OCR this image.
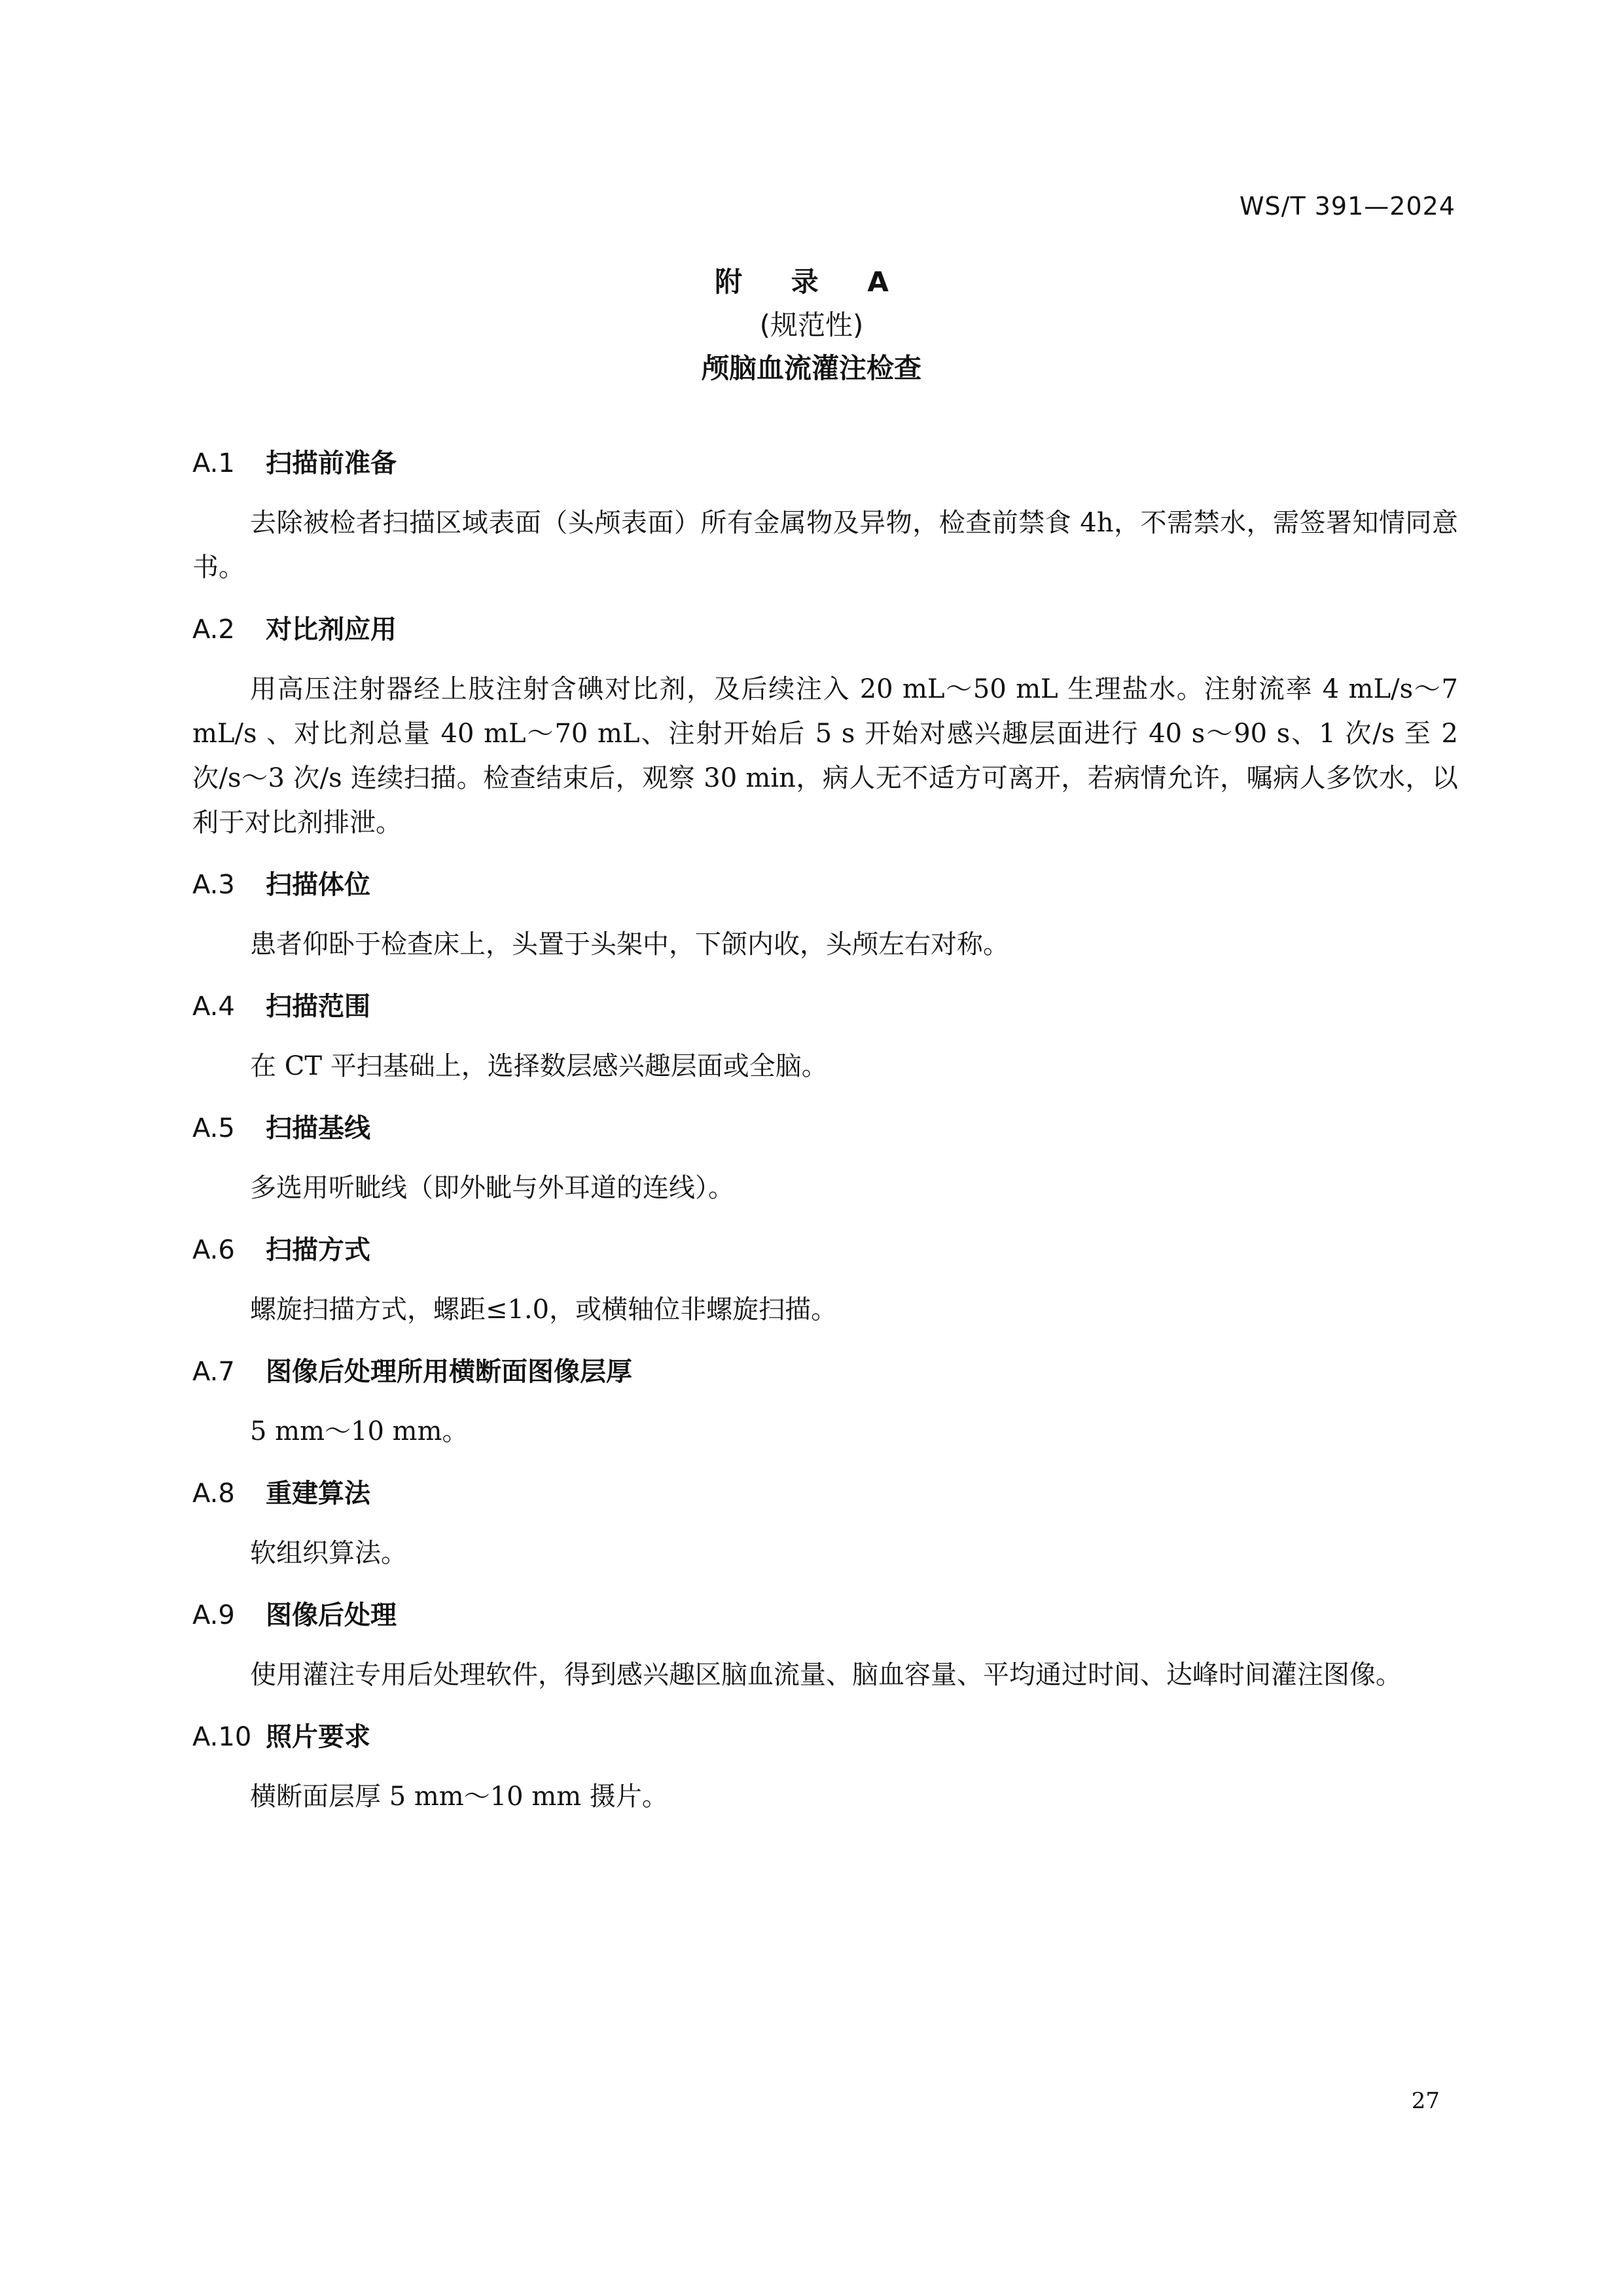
WS/T 391—2024
附 录 A
(规范性)
颅脑血流灌注检查
A.1	扫描前准备

去除被检者扫描区域表面（头颅表面）所有金属物及异物，检查前禁食 4h，不需禁水，需签署知情同意书。

A.2	对比剂应用

用高压注射器经上肢注射含碘对比剂，及后续注入 20 mL～50 mL 生理盐水。注射流率 4 mL/s～7 mL/s 、对比剂总量 40 mL～70 mL、注射开始后 5 s 开始对感兴趣层面进行 40 s～90 s、1 次/s 至 2 次/s～3 次/s 连续扫描。检查结束后，观察 30 min，病人无不适方可离开，若病情允许，嘱病人多饮水，以利于对比剂排泄。

A.3	扫描体位

患者仰卧于检查床上，头置于头架中，下颌内收，头颅左右对称。

A.4	扫描范围

在 CT 平扫基础上，选择数层感兴趣层面或全脑。

A.5	扫描基线

多选用听眦线（即外眦与外耳道的连线）。

A.6	扫描方式

螺旋扫描方式，螺距≤1.0，或横轴位非螺旋扫描。

A.7	图像后处理所用横断面图像层厚

5 mm～10 mm。

A.8	重建算法

软组织算法。

A.9	图像后处理

使用灌注专用后处理软件，得到感兴趣区脑血流量、脑血容量、平均通过时间、达峰时间灌注图像。

A.10 照片要求

横断面层厚 5 mm～10 mm 摄片。

27
